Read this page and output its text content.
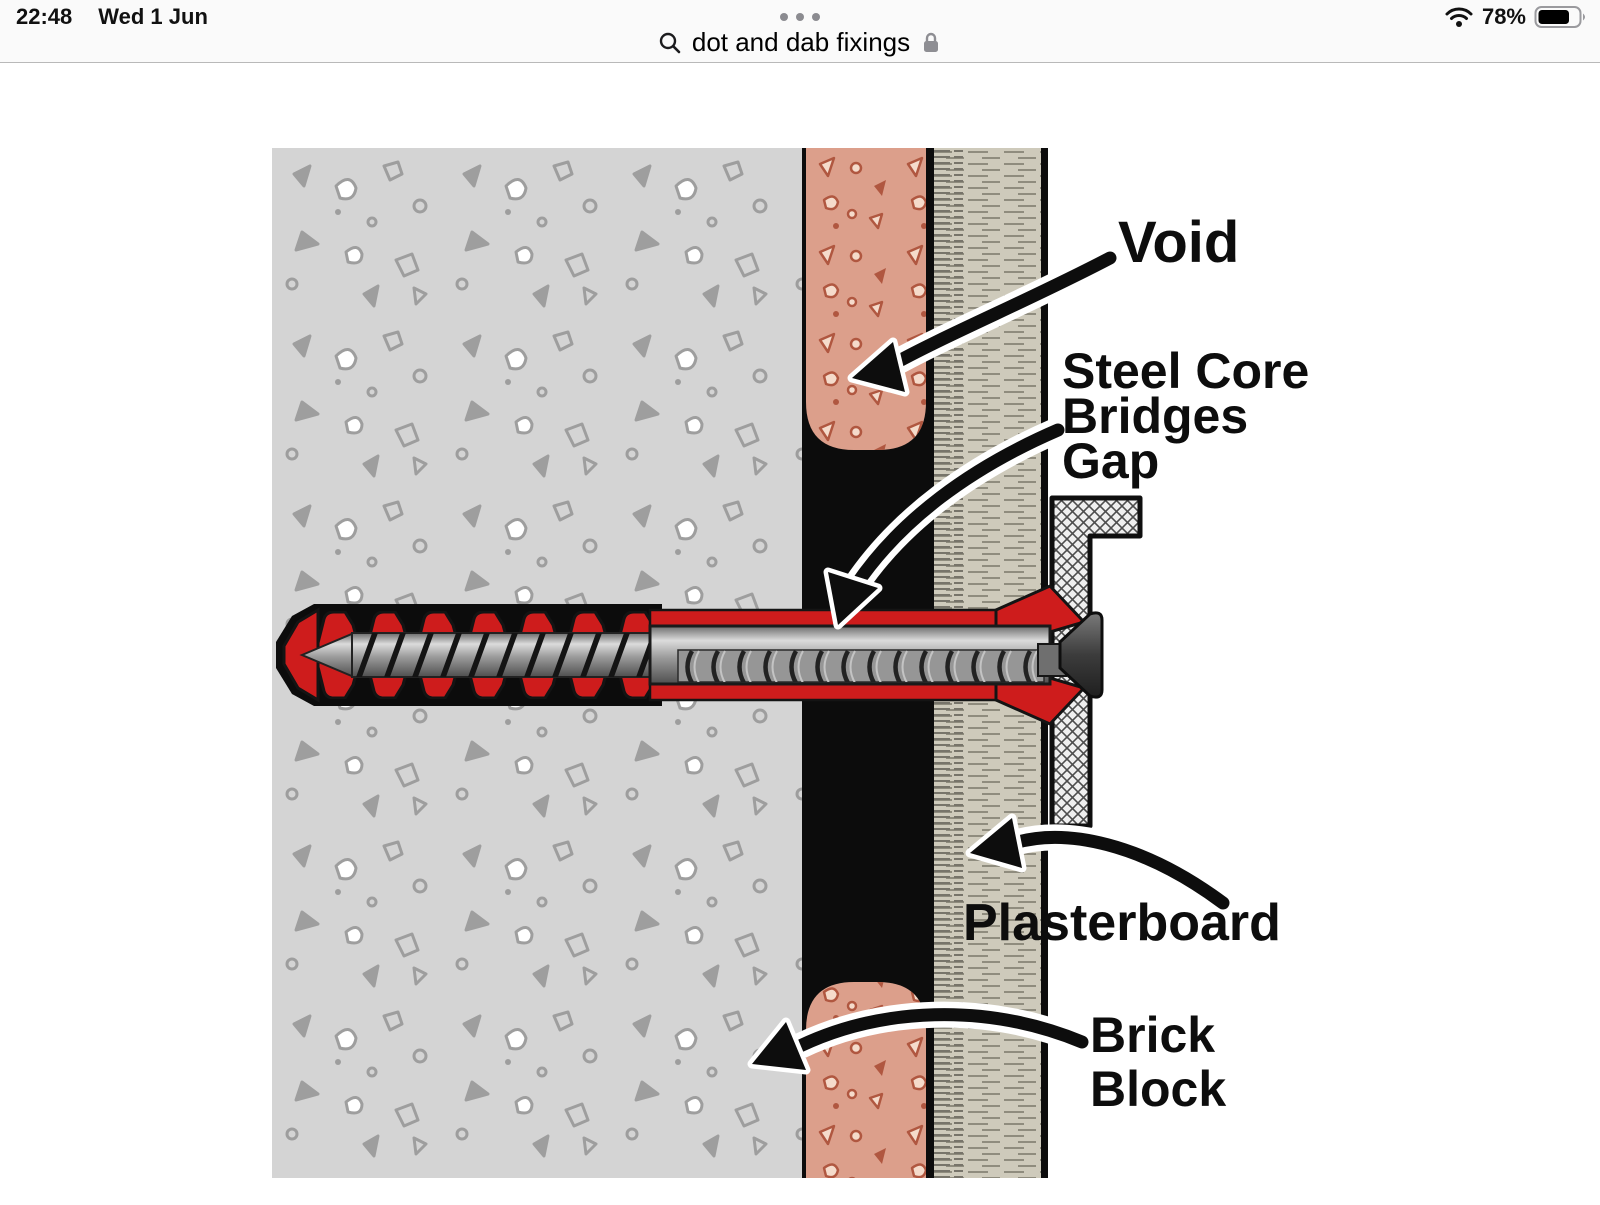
22:48 Wed 1 Jun
dot and dab fixings
78%
Void
Steel Core
Bridges
Gap
Plasterboard
Brick
Block
